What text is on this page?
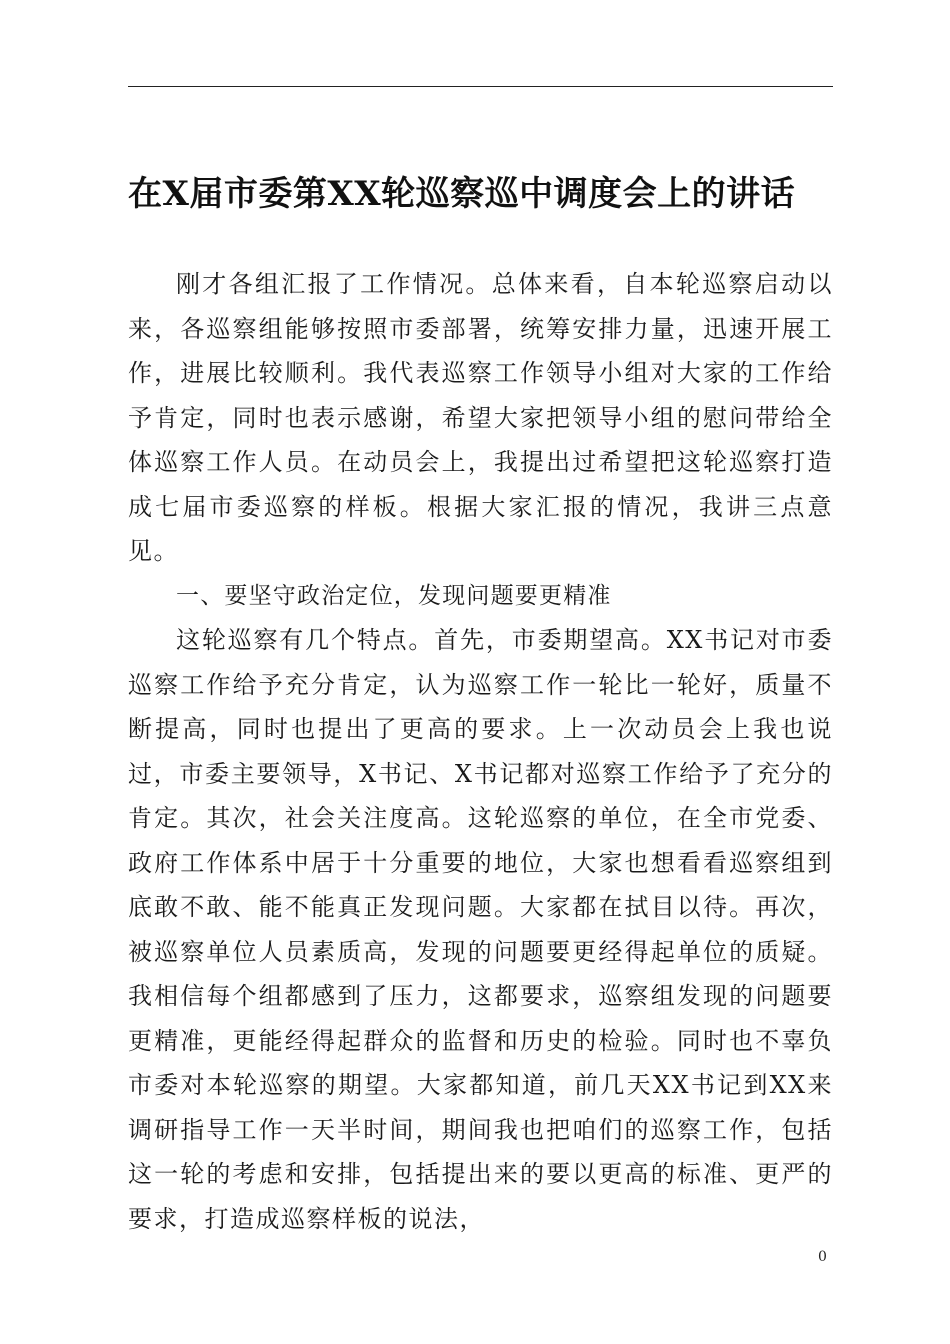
在X届市委第XX轮巡察巡中调度会上的讲话

刚才各组汇报了工作情况。总体来看，自本轮巡察启动以来，各巡察组能够按照市委部署，统筹安排力量，迅速开展工作，进展比较顺利。我代表巡察工作领导小组对大家的工作给予肯定，同时也表示感谢，希望大家把领导小组的慰问带给全体巡察工作人员。在动员会上，我提出过希望把这轮巡察打造成七届市委巡察的样板。根据大家汇报的情况，我讲三点意见。

一、要坚守政治定位，发现问题要更精准

这轮巡察有几个特点。首先，市委期望高。XX书记对市委巡察工作给予充分肯定，认为巡察工作一轮比一轮好，质量不断提高，同时也提出了更高的要求。上一次动员会上我也说过，市委主要领导，X书记、X书记都对巡察工作给予了充分的肯定。其次，社会关注度高。这轮巡察的单位，在全市党委、政府工作体系中居于十分重要的地位，大家也想看看巡察组到底敢不敢、能不能真正发现问题。大家都在拭目以待。再次，被巡察单位人员素质高，发现的问题要更经得起单位的质疑。我相信每个组都感到了压力，这都要求，巡察组发现的问题要更精准，更能经得起群众的监督和历史的检验。同时也不辜负市委对本轮巡察的期望。大家都知道，前几天XX书记到XX来调研指导工作一天半时间，期间我也把咱们的巡察工作，包括这一轮的考虑和安排，包括提出来的要以更高的标准、更严的要求，打造成巡察样板的说法，

0
